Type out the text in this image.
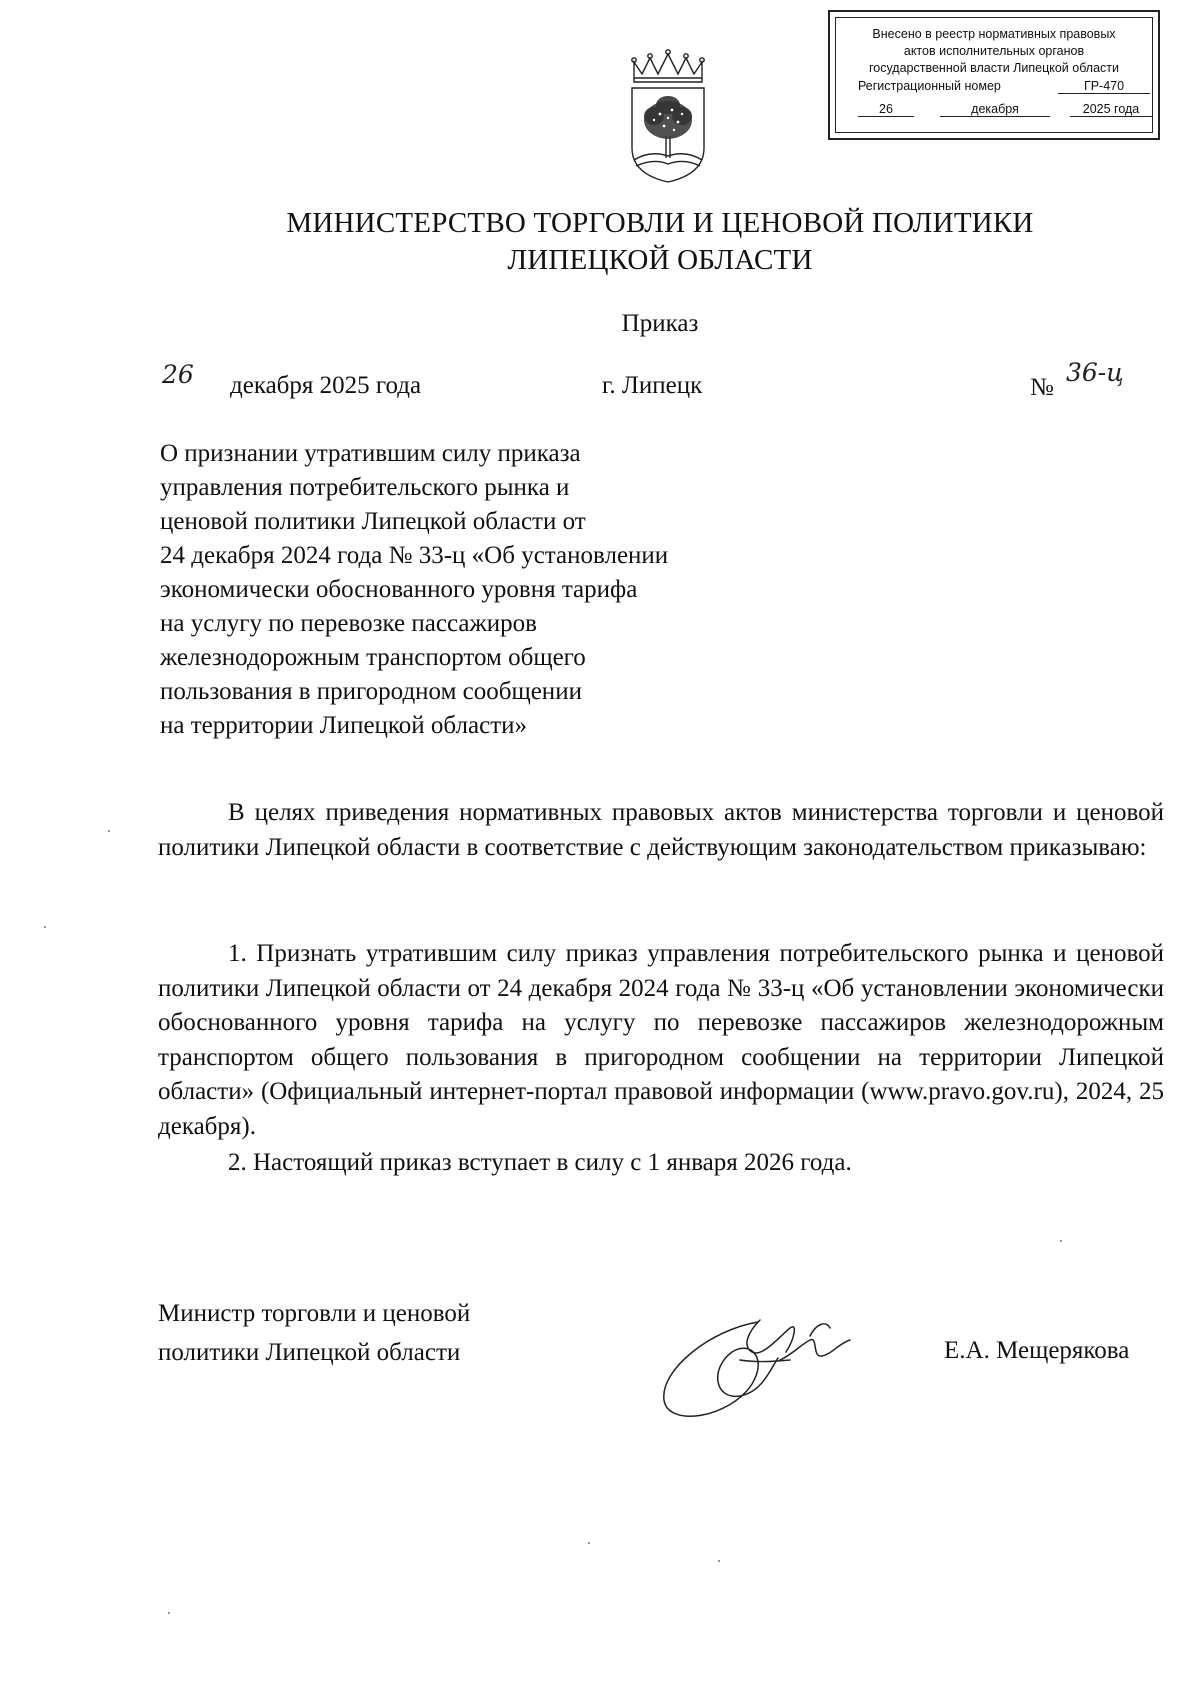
Внесено в реестр нормативных правовых
актов исполнительных органов
государственной власти Липецкой области
Регистрационный номер	ГР-470
26	декабря	2025 года
МИНИСТЕРСТВО ТОРГОВЛИ И ЦЕНОВОЙ ПОЛИТИКИ
ЛИПЕЦКОЙ ОБЛАСТИ
Приказ
26 декабря 2025 года	г. Липецк	№
36-ц
О признании утратившим силу приказа
управления потребительского рынка и
ценовой политики Липецкой области от
24 декабря 2024 года № 33-ц «Об установлении
экономически обоснованного уровня тарифа
на услугу по перевозке пассажиров
железнодорожным транспортом общего
пользования в пригородном сообщении
на территории Липецкой области»
В целях приведения нормативных правовых актов министерства торговли и ценовой политики Липецкой области в соответствие с действующим законодательством приказываю:
1. Признать утратившим силу приказ управления потребительского рынка и ценовой политики Липецкой области от 24 декабря 2024 года № 33-ц «Об установлении экономически обоснованного уровня тарифа на услугу по перевозке пассажиров железнодорожным транспортом общего пользования в пригородном сообщении на территории Липецкой области» (Официальный интернет-портал правовой информации (www.pravo.gov.ru), 2024, 25 декабря).
2. Настоящий приказ вступает в силу с 1 января 2026 года.
Министр торговли и ценовой
политики Липецкой области	Е.А. Мещерякова
